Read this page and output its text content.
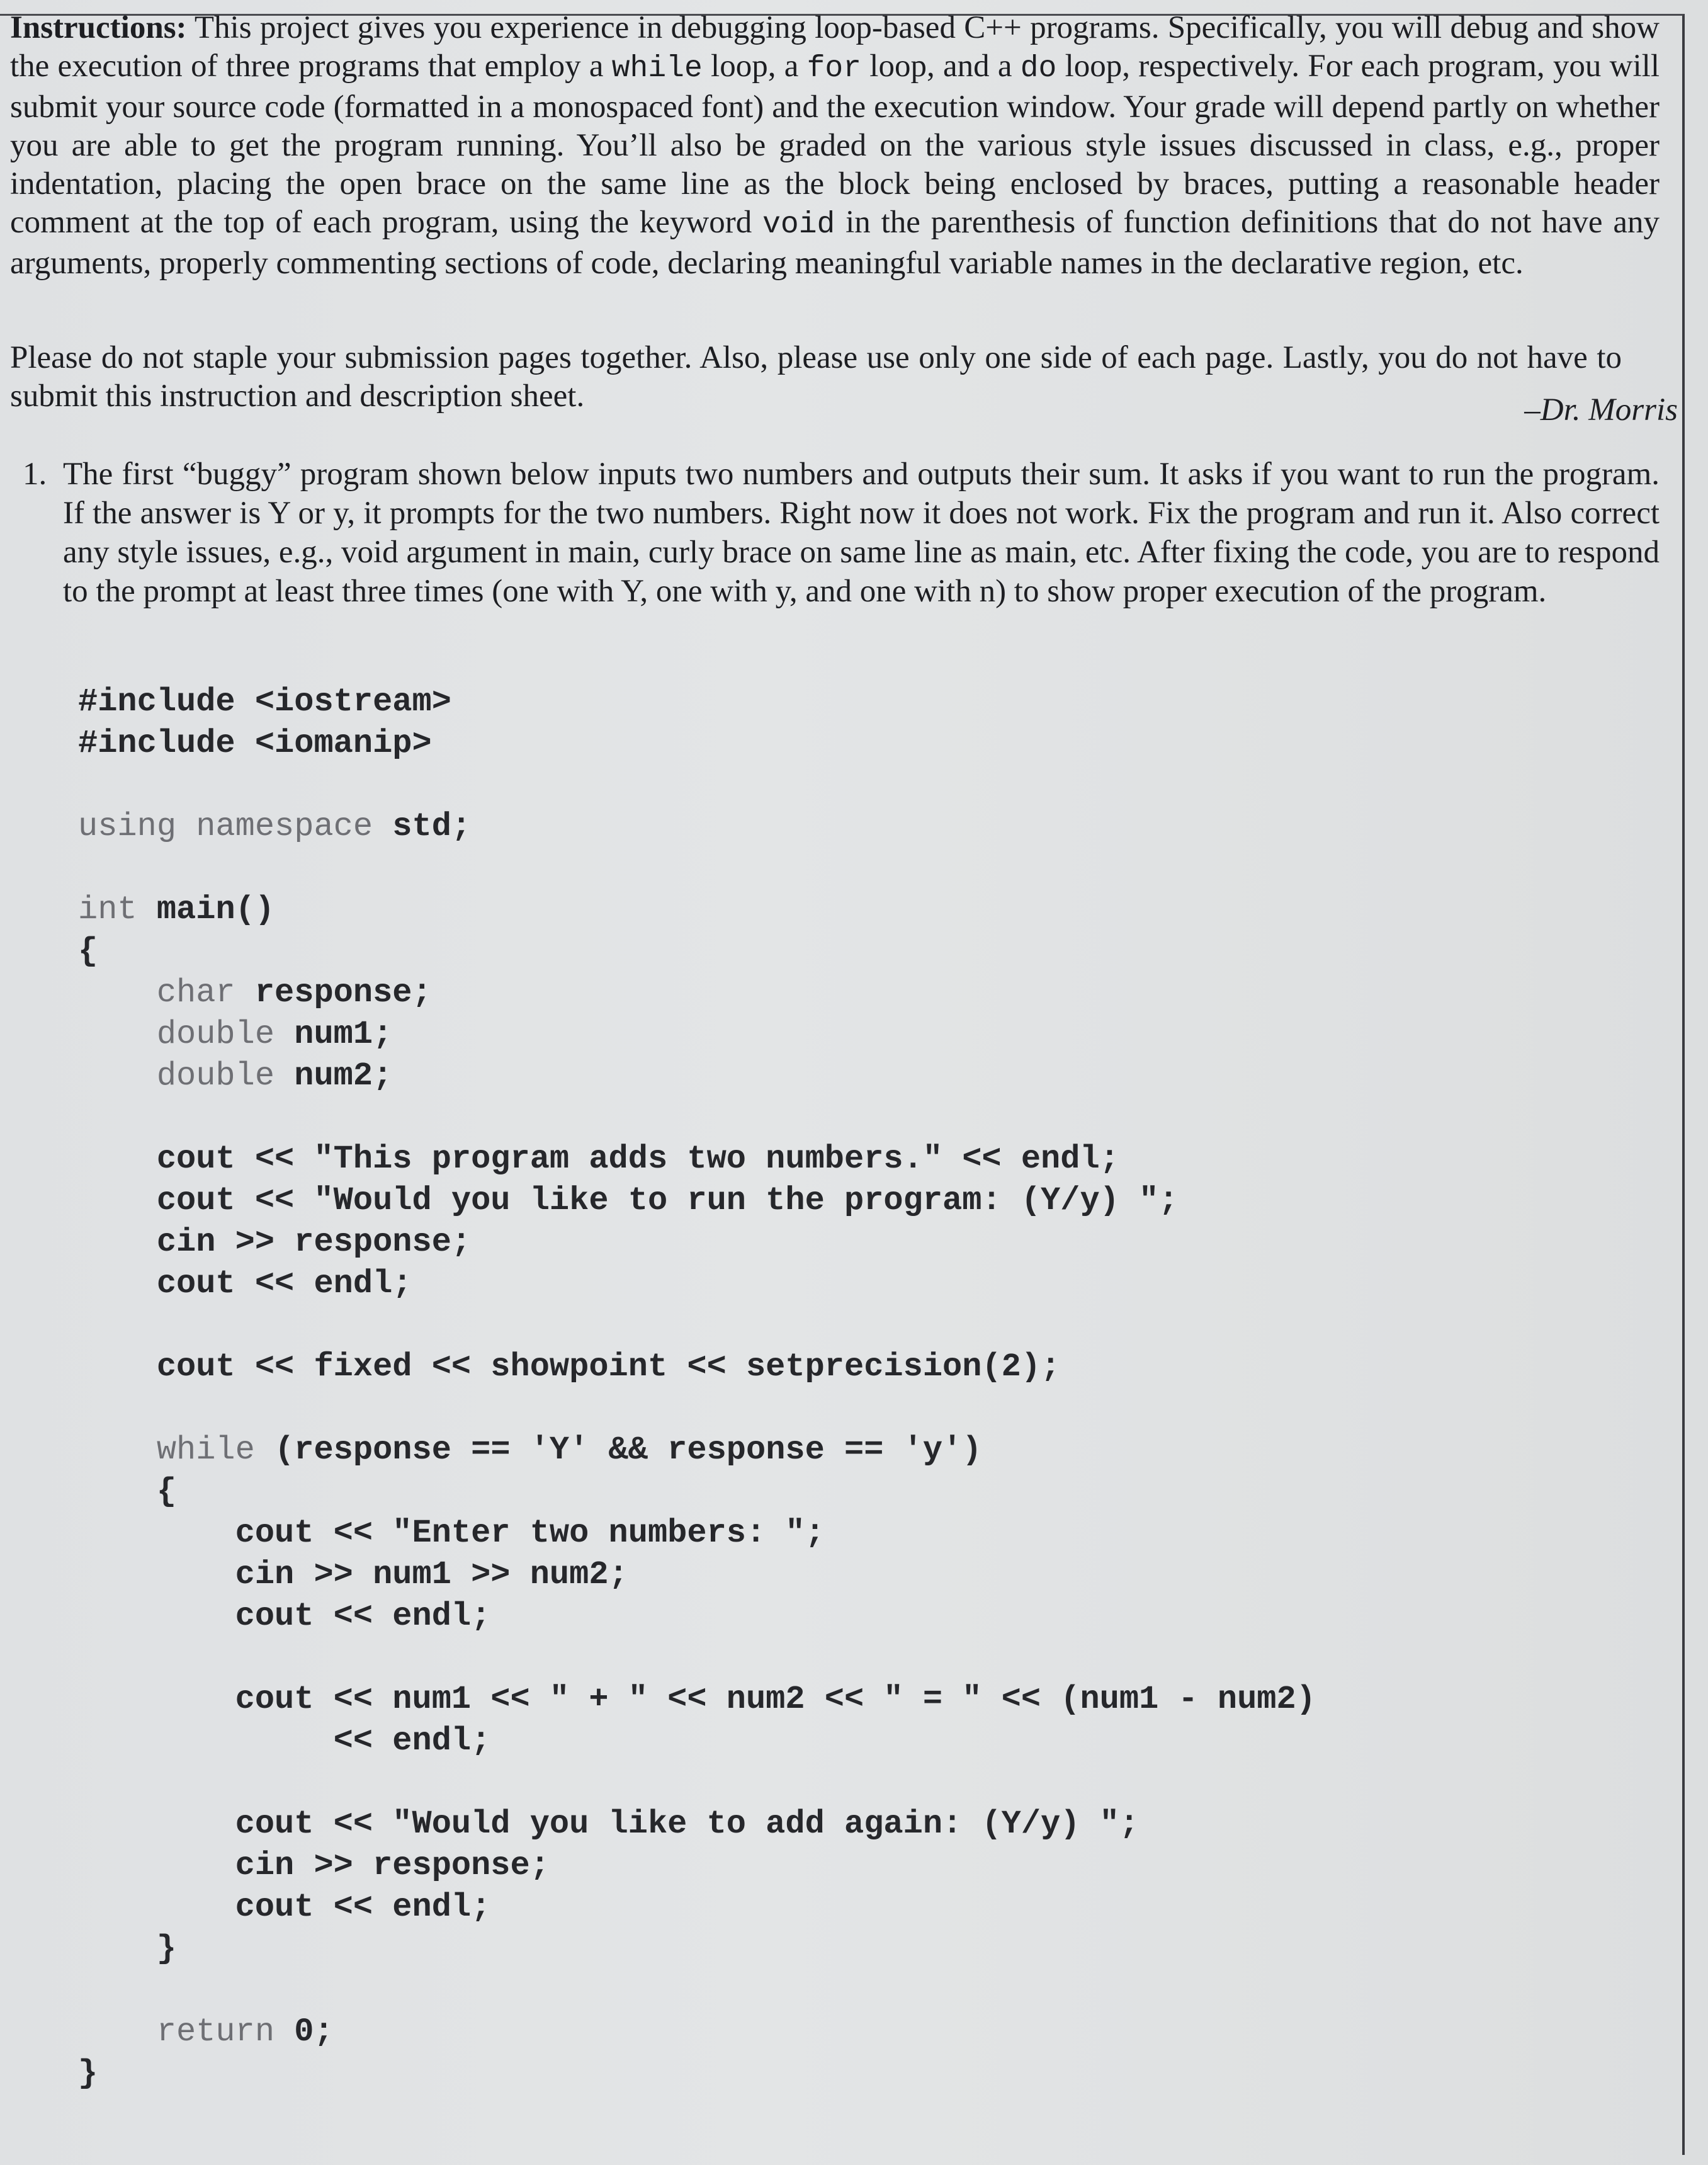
Instructions: This project gives you experience in debugging loop-based C++ programs. Specifically, you will debug and show the execution of three programs that employ a while loop, a for loop, and a do loop, respectively. For each program, you will submit your source code (formatted in a monospaced font) and the execution window. Your grade will depend partly on whether you are able to get the program running. You’ll also be graded on the various style issues discussed in class, e.g., proper indentation, placing the open brace on the same line as the block being enclosed by braces, putting a reasonable header comment at the top of each program, using the keyword void in the parenthesis of function definitions that do not have any arguments, properly commenting sections of code, declaring meaningful variable names in the declarative region, etc.
Please do not staple your submission pages together. Also, please use only one side of each page. Lastly, you do not have to submit this instruction and description sheet.	–Dr. Morris
1. The first “buggy” program shown below inputs two numbers and outputs their sum. It asks if you want to run the program. If the answer is Y or y, it prompts for the two numbers. Right now it does not work. Fix the program and run it. Also correct any style issues, e.g., void argument in main, curly brace on same line as main, etc. After fixing the code, you are to respond to the prompt at least three times (one with Y, one with y, and one with n) to show proper execution of the program.
#include <iostream>
#include <iomanip>

using namespace std;

int main()
{
char response;
double num1;
double num2;

cout << "This program adds two numbers." << endl;
cout << "Would you like to run the program: (Y/y) ";
cin >> response;
cout << endl;

cout << fixed << showpoint << setprecision(2);

while (response == 'Y' && response == 'y')
{
cout << "Enter two numbers: ";
cin >> num1 >> num2;
cout << endl;

cout << num1 << " + " << num2 << " = " << (num1 - num2)
<< endl;

cout << "Would you like to add again: (Y/y) ";
cin >> response;
cout << endl;
}

return 0;
}
